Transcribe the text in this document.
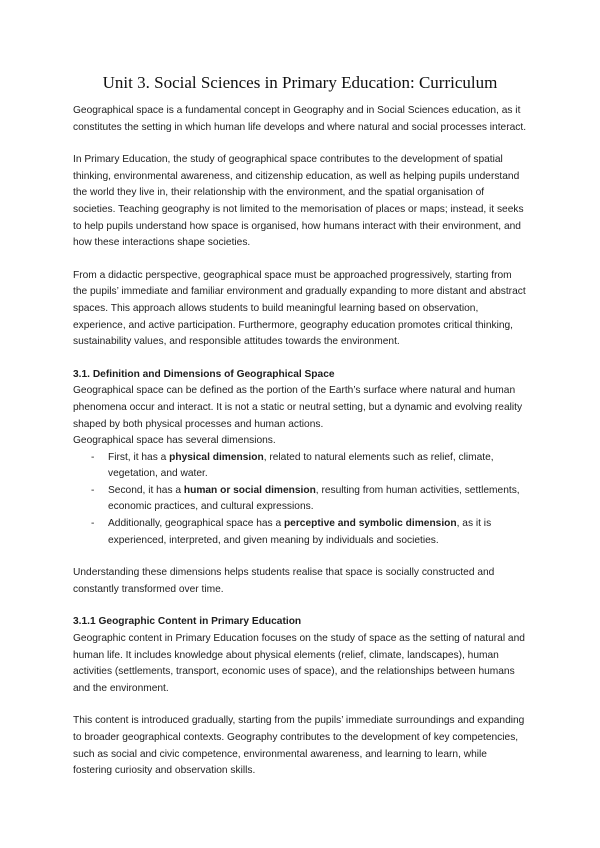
Unit 3. Social Sciences in Primary Education: Curriculum

Geographical space is a fundamental concept in Geography and in Social Sciences education, as it constitutes the setting in which human life develops and where natural and social processes interact.

In Primary Education, the study of geographical space contributes to the development of spatial thinking, environmental awareness, and citizenship education, as well as helping pupils understand the world they live in, their relationship with the environment, and the spatial organisation of societies. Teaching geography is not limited to the memorisation of places or maps; instead, it seeks to help pupils understand how space is organised, how humans interact with their environment, and how these interactions shape societies.

From a didactic perspective, geographical space must be approached progressively, starting from the pupils’ immediate and familiar environment and gradually expanding to more distant and abstract spaces. This approach allows students to build meaningful learning based on observation, experience, and active participation. Furthermore, geography education promotes critical thinking, sustainability values, and responsible attitudes towards the environment.

3.1. Definition and Dimensions of Geographical Space

Geographical space can be defined as the portion of the Earth’s surface where natural and human phenomena occur and interact. It is not a static or neutral setting, but a dynamic and evolving reality shaped by both physical processes and human actions.

Geographical space has several dimensions.

- First, it has a physical dimension, related to natural elements such as relief, climate, vegetation, and water.
- Second, it has a human or social dimension, resulting from human activities, settlements, economic practices, and cultural expressions.
- Additionally, geographical space has a perceptive and symbolic dimension, as it is experienced, interpreted, and given meaning by individuals and societies.

Understanding these dimensions helps students realise that space is socially constructed and constantly transformed over time.

3.1.1 Geographic Content in Primary Education

Geographic content in Primary Education focuses on the study of space as the setting of natural and human life. It includes knowledge about physical elements (relief, climate, landscapes), human activities (settlements, transport, economic uses of space), and the relationships between humans and the environment.

This content is introduced gradually, starting from the pupils’ immediate surroundings and expanding to broader geographical contexts. Geography contributes to the development of key competencies, such as social and civic competence, environmental awareness, and learning to learn, while fostering curiosity and observation skills.
